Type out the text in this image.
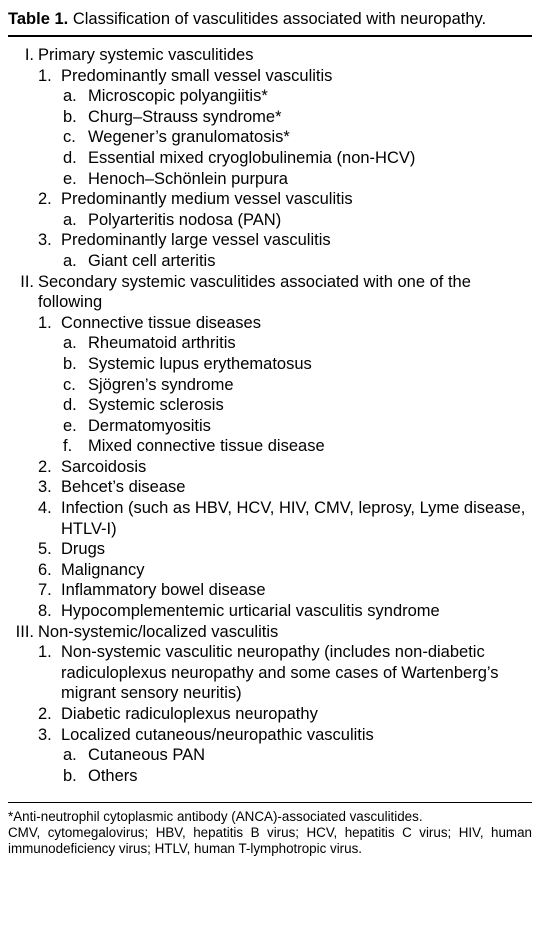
Table 1. Classification of vasculitides associated with neuropathy.
I. Primary systemic vasculitides
1. Predominantly small vessel vasculitis
a. Microscopic polyangiitis*
b. Churg–Strauss syndrome*
c. Wegener’s granulomatosis*
d. Essential mixed cryoglobulinemia (non-HCV)
e. Henoch–Schönlein purpura
2. Predominantly medium vessel vasculitis
a. Polyarteritis nodosa (PAN)
3. Predominantly large vessel vasculitis
a. Giant cell arteritis
II. Secondary systemic vasculitides associated with one of the following
1. Connective tissue diseases
a. Rheumatoid arthritis
b. Systemic lupus erythematosus
c. Sjögren’s syndrome
d. Systemic sclerosis
e. Dermatomyositis
f. Mixed connective tissue disease
2. Sarcoidosis
3. Behcet’s disease
4. Infection (such as HBV, HCV, HIV, CMV, leprosy, Lyme disease, HTLV-I)
5. Drugs
6. Malignancy
7. Inflammatory bowel disease
8. Hypocomplementemic urticarial vasculitis syndrome
III. Non-systemic/localized vasculitis
1. Non-systemic vasculitic neuropathy (includes non-diabetic radiculoplexus neuropathy and some cases of Wartenberg’s migrant sensory neuritis)
2. Diabetic radiculoplexus neuropathy
3. Localized cutaneous/neuropathic vasculitis
a. Cutaneous PAN
b. Others

*Anti-neutrophil cytoplasmic antibody (ANCA)-associated vasculitides.

CMV, cytomegalovirus; HBV, hepatitis B virus; HCV, hepatitis C virus; HIV, human immunodeficiency virus; HTLV, human T-lymphotropic virus.
